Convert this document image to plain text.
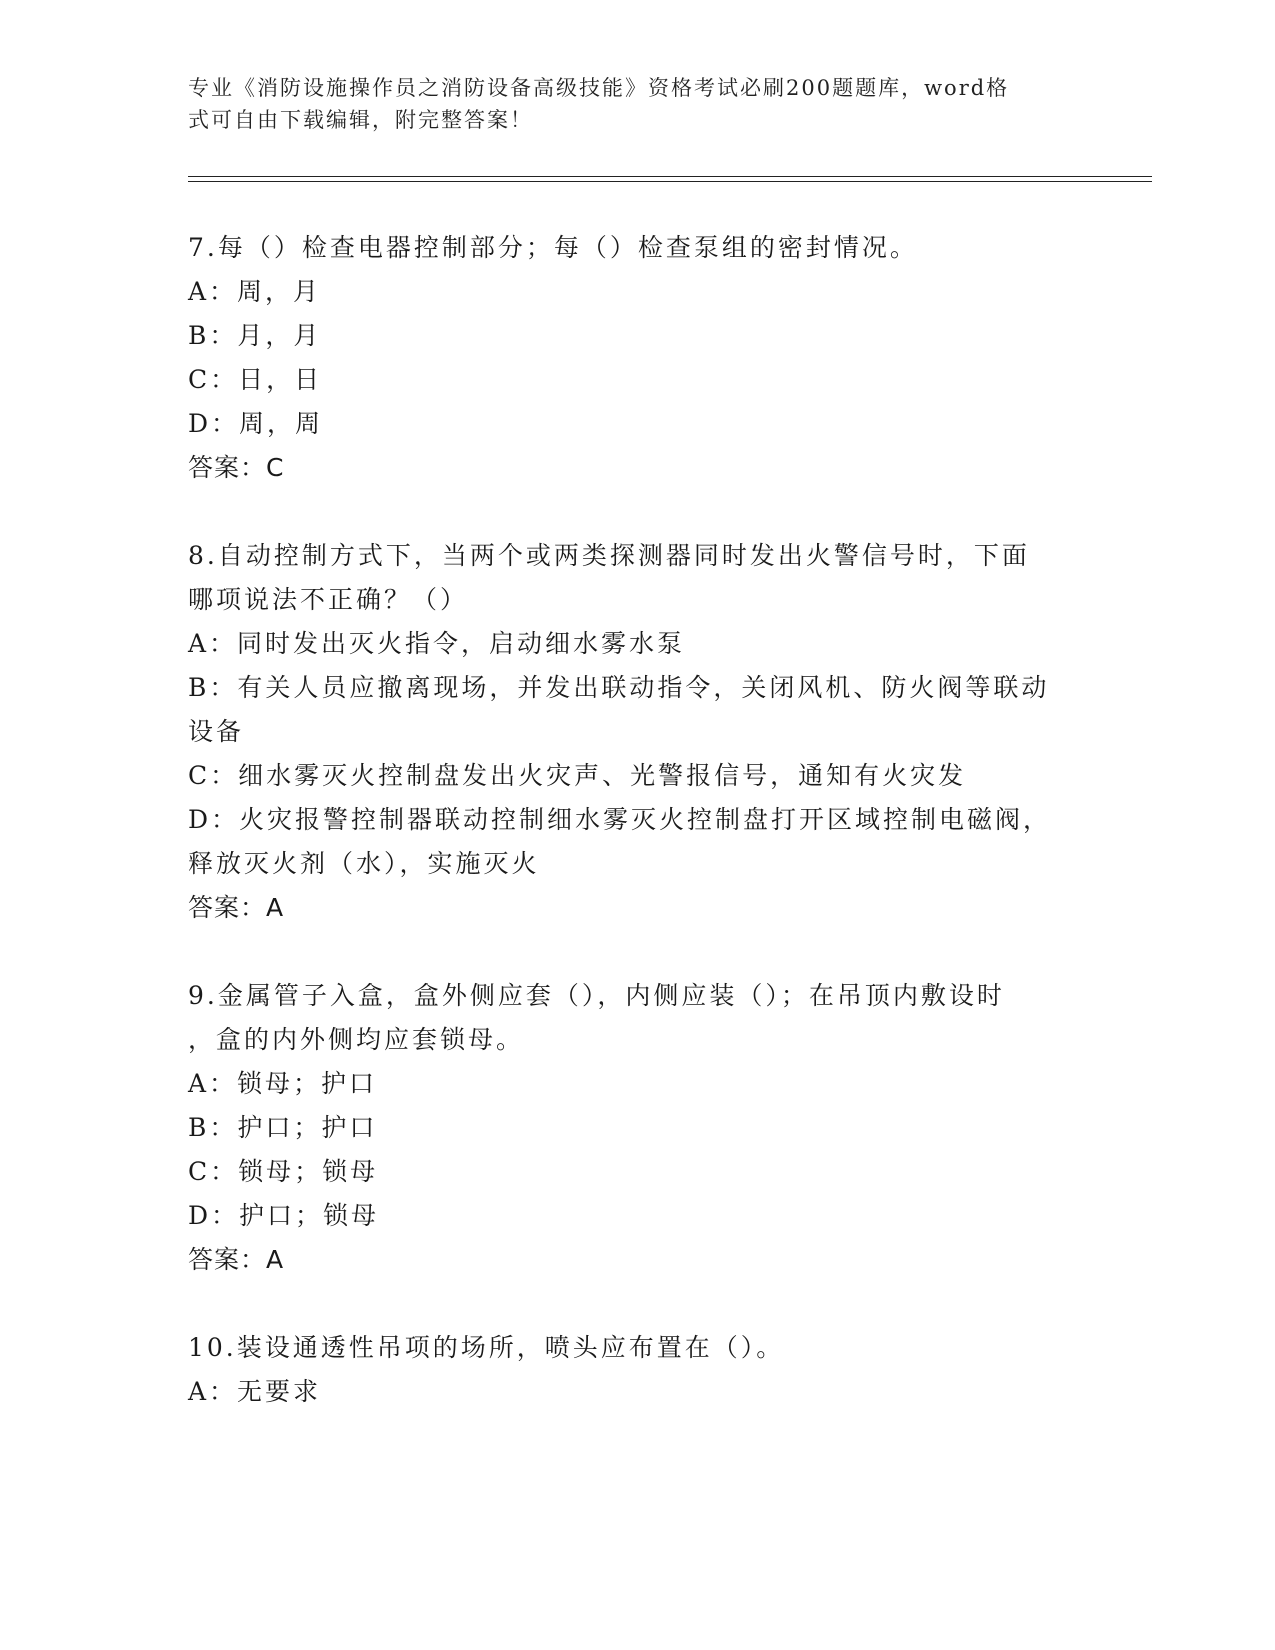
专业《消防设施操作员之消防设备高级技能》资格考试必刷200题题库，word格
式可自由下载编辑，附完整答案！
7.每（）检查电器控制部分；每（）检查泵组的密封情况。
A：周，月
B：月，月
C：日，日
D：周，周
答案：C
8.自动控制方式下，当两个或两类探测器同时发出火警信号时，下面
哪项说法不正确？（）
A：同时发出灭火指令，启动细水雾水泵
B：有关人员应撤离现场，并发出联动指令，关闭风机、防火阀等联动
设备
C：细水雾灭火控制盘发出火灾声、光警报信号，通知有火灾发
D：火灾报警控制器联动控制细水雾灭火控制盘打开区域控制电磁阀，
释放灭火剂（水），实施灭火
答案：A
9.金属管子入盒，盒外侧应套（），内侧应装（）；在吊顶内敷设时
，盒的内外侧均应套锁母。
A：锁母；护口
B：护口；护口
C：锁母；锁母
D：护口；锁母
答案：A
10.装设通透性吊项的场所，喷头应布置在（）。
A：无要求
